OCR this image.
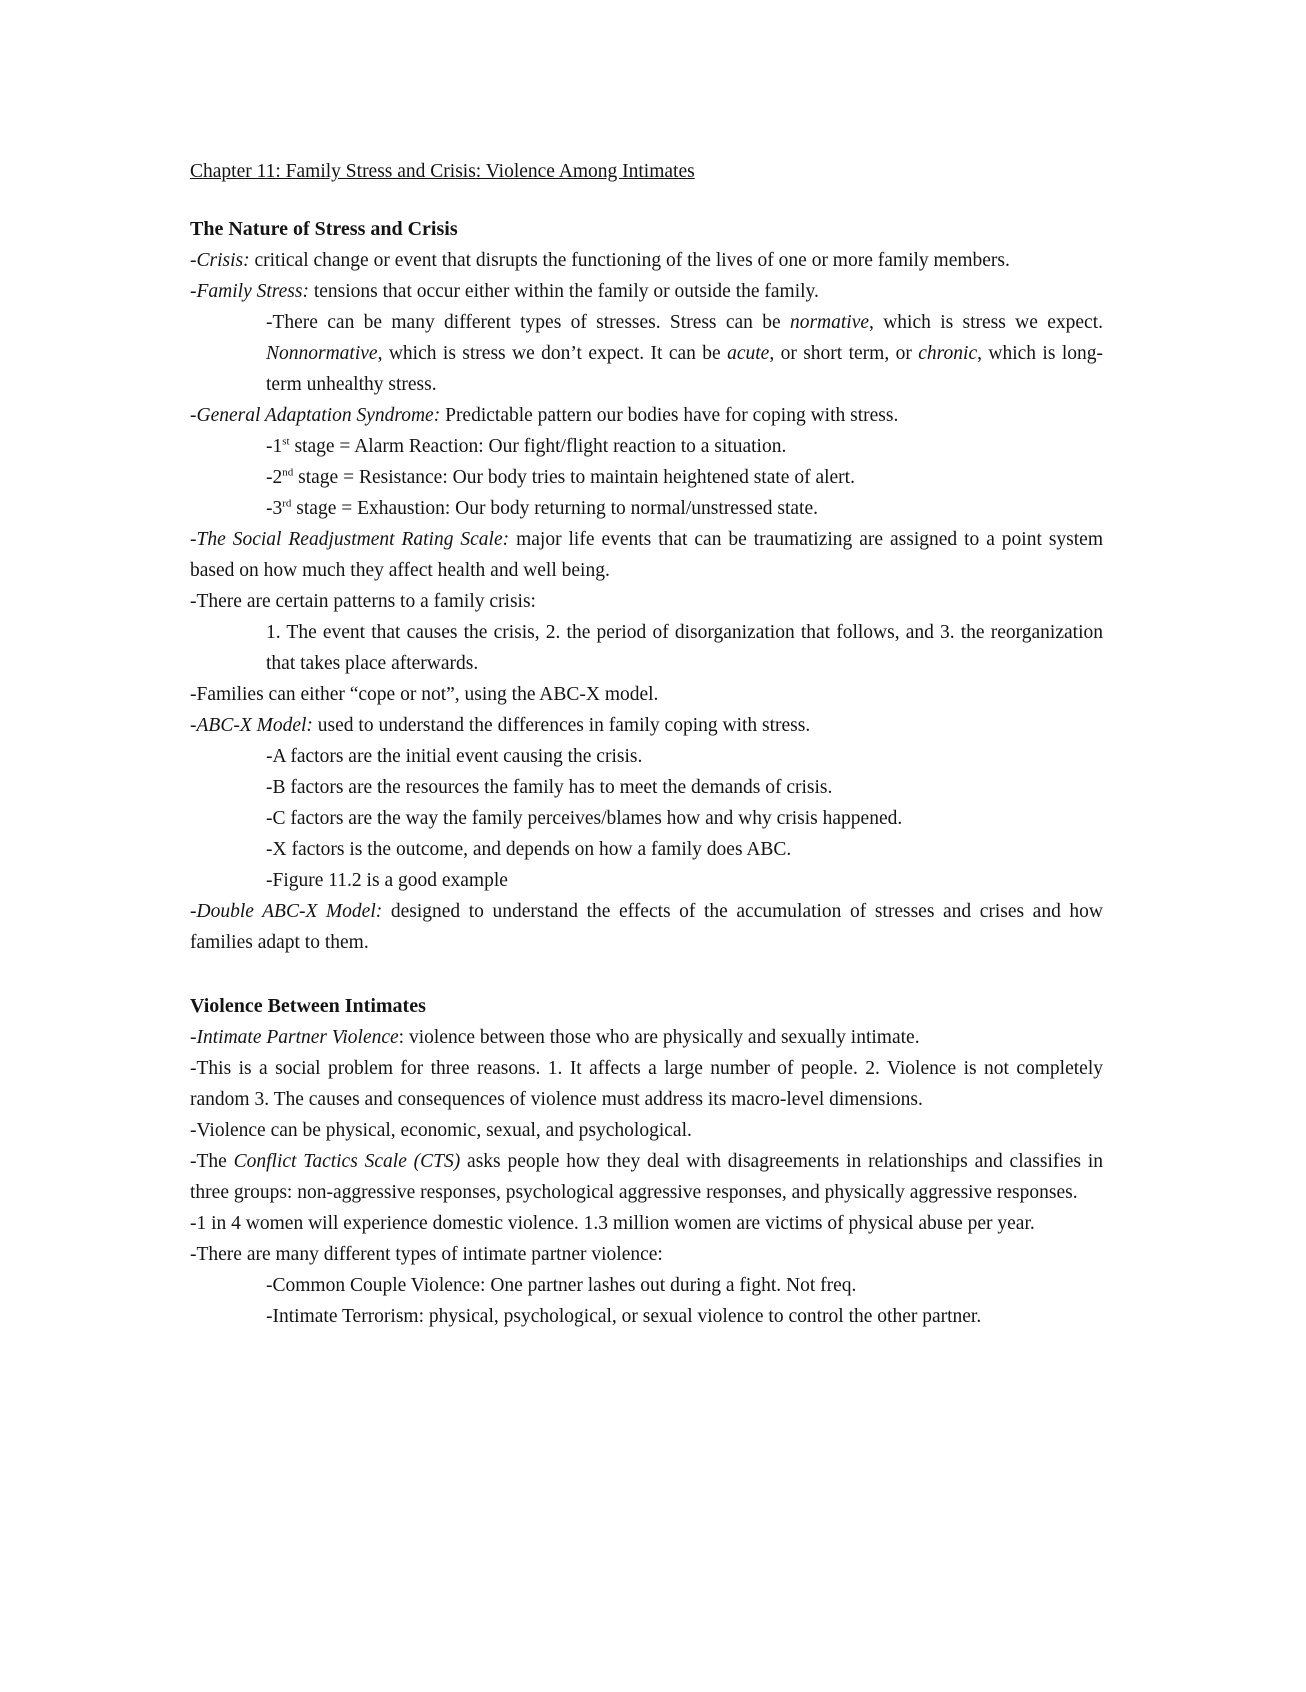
Chapter 11: Family Stress and Crisis: Violence Among Intimates

The Nature of Stress and Crisis

-Crisis: critical change or event that disrupts the functioning of the lives of one or more family members.

-Family Stress: tensions that occur either within the family or outside the family.

-There can be many different types of stresses. Stress can be normative, which is stress we expect. Nonnormative, which is stress we don’t expect. It can be acute, or short term, or chronic, which is long-term unhealthy stress.

-General Adaptation Syndrome: Predictable pattern our bodies have for coping with stress.

-1st stage = Alarm Reaction: Our fight/flight reaction to a situation.

-2nd stage = Resistance: Our body tries to maintain heightened state of alert.

-3rd stage = Exhaustion: Our body returning to normal/unstressed state.

-The Social Readjustment Rating Scale: major life events that can be traumatizing are assigned to a point system based on how much they affect health and well being.

-There are certain patterns to a family crisis:

1. The event that causes the crisis, 2. the period of disorganization that follows, and 3. the reorganization that takes place afterwards.

-Families can either “cope or not”, using the ABC-X model.

-ABC-X Model: used to understand the differences in family coping with stress.

-A factors are the initial event causing the crisis.

-B factors are the resources the family has to meet the demands of crisis.

-C factors are the way the family perceives/blames how and why crisis happened.

-X factors is the outcome, and depends on how a family does ABC.

-Figure 11.2 is a good example

-Double ABC-X Model: designed to understand the effects of the accumulation of stresses and crises and how families adapt to them.

Violence Between Intimates

-Intimate Partner Violence: violence between those who are physically and sexually intimate.

-This is a social problem for three reasons. 1. It affects a large number of people. 2. Violence is not completely random 3. The causes and consequences of violence must address its macro-level dimensions.

-Violence can be physical, economic, sexual, and psychological.

-The Conflict Tactics Scale (CTS) asks people how they deal with disagreements in relationships and classifies in three groups: non-aggressive responses, psychological aggressive responses, and physically aggressive responses.

-1 in 4 women will experience domestic violence. 1.3 million women are victims of physical abuse per year.

-There are many different types of intimate partner violence:

-Common Couple Violence: One partner lashes out during a fight. Not freq.

-Intimate Terrorism: physical, psychological, or sexual violence to control the other partner.
